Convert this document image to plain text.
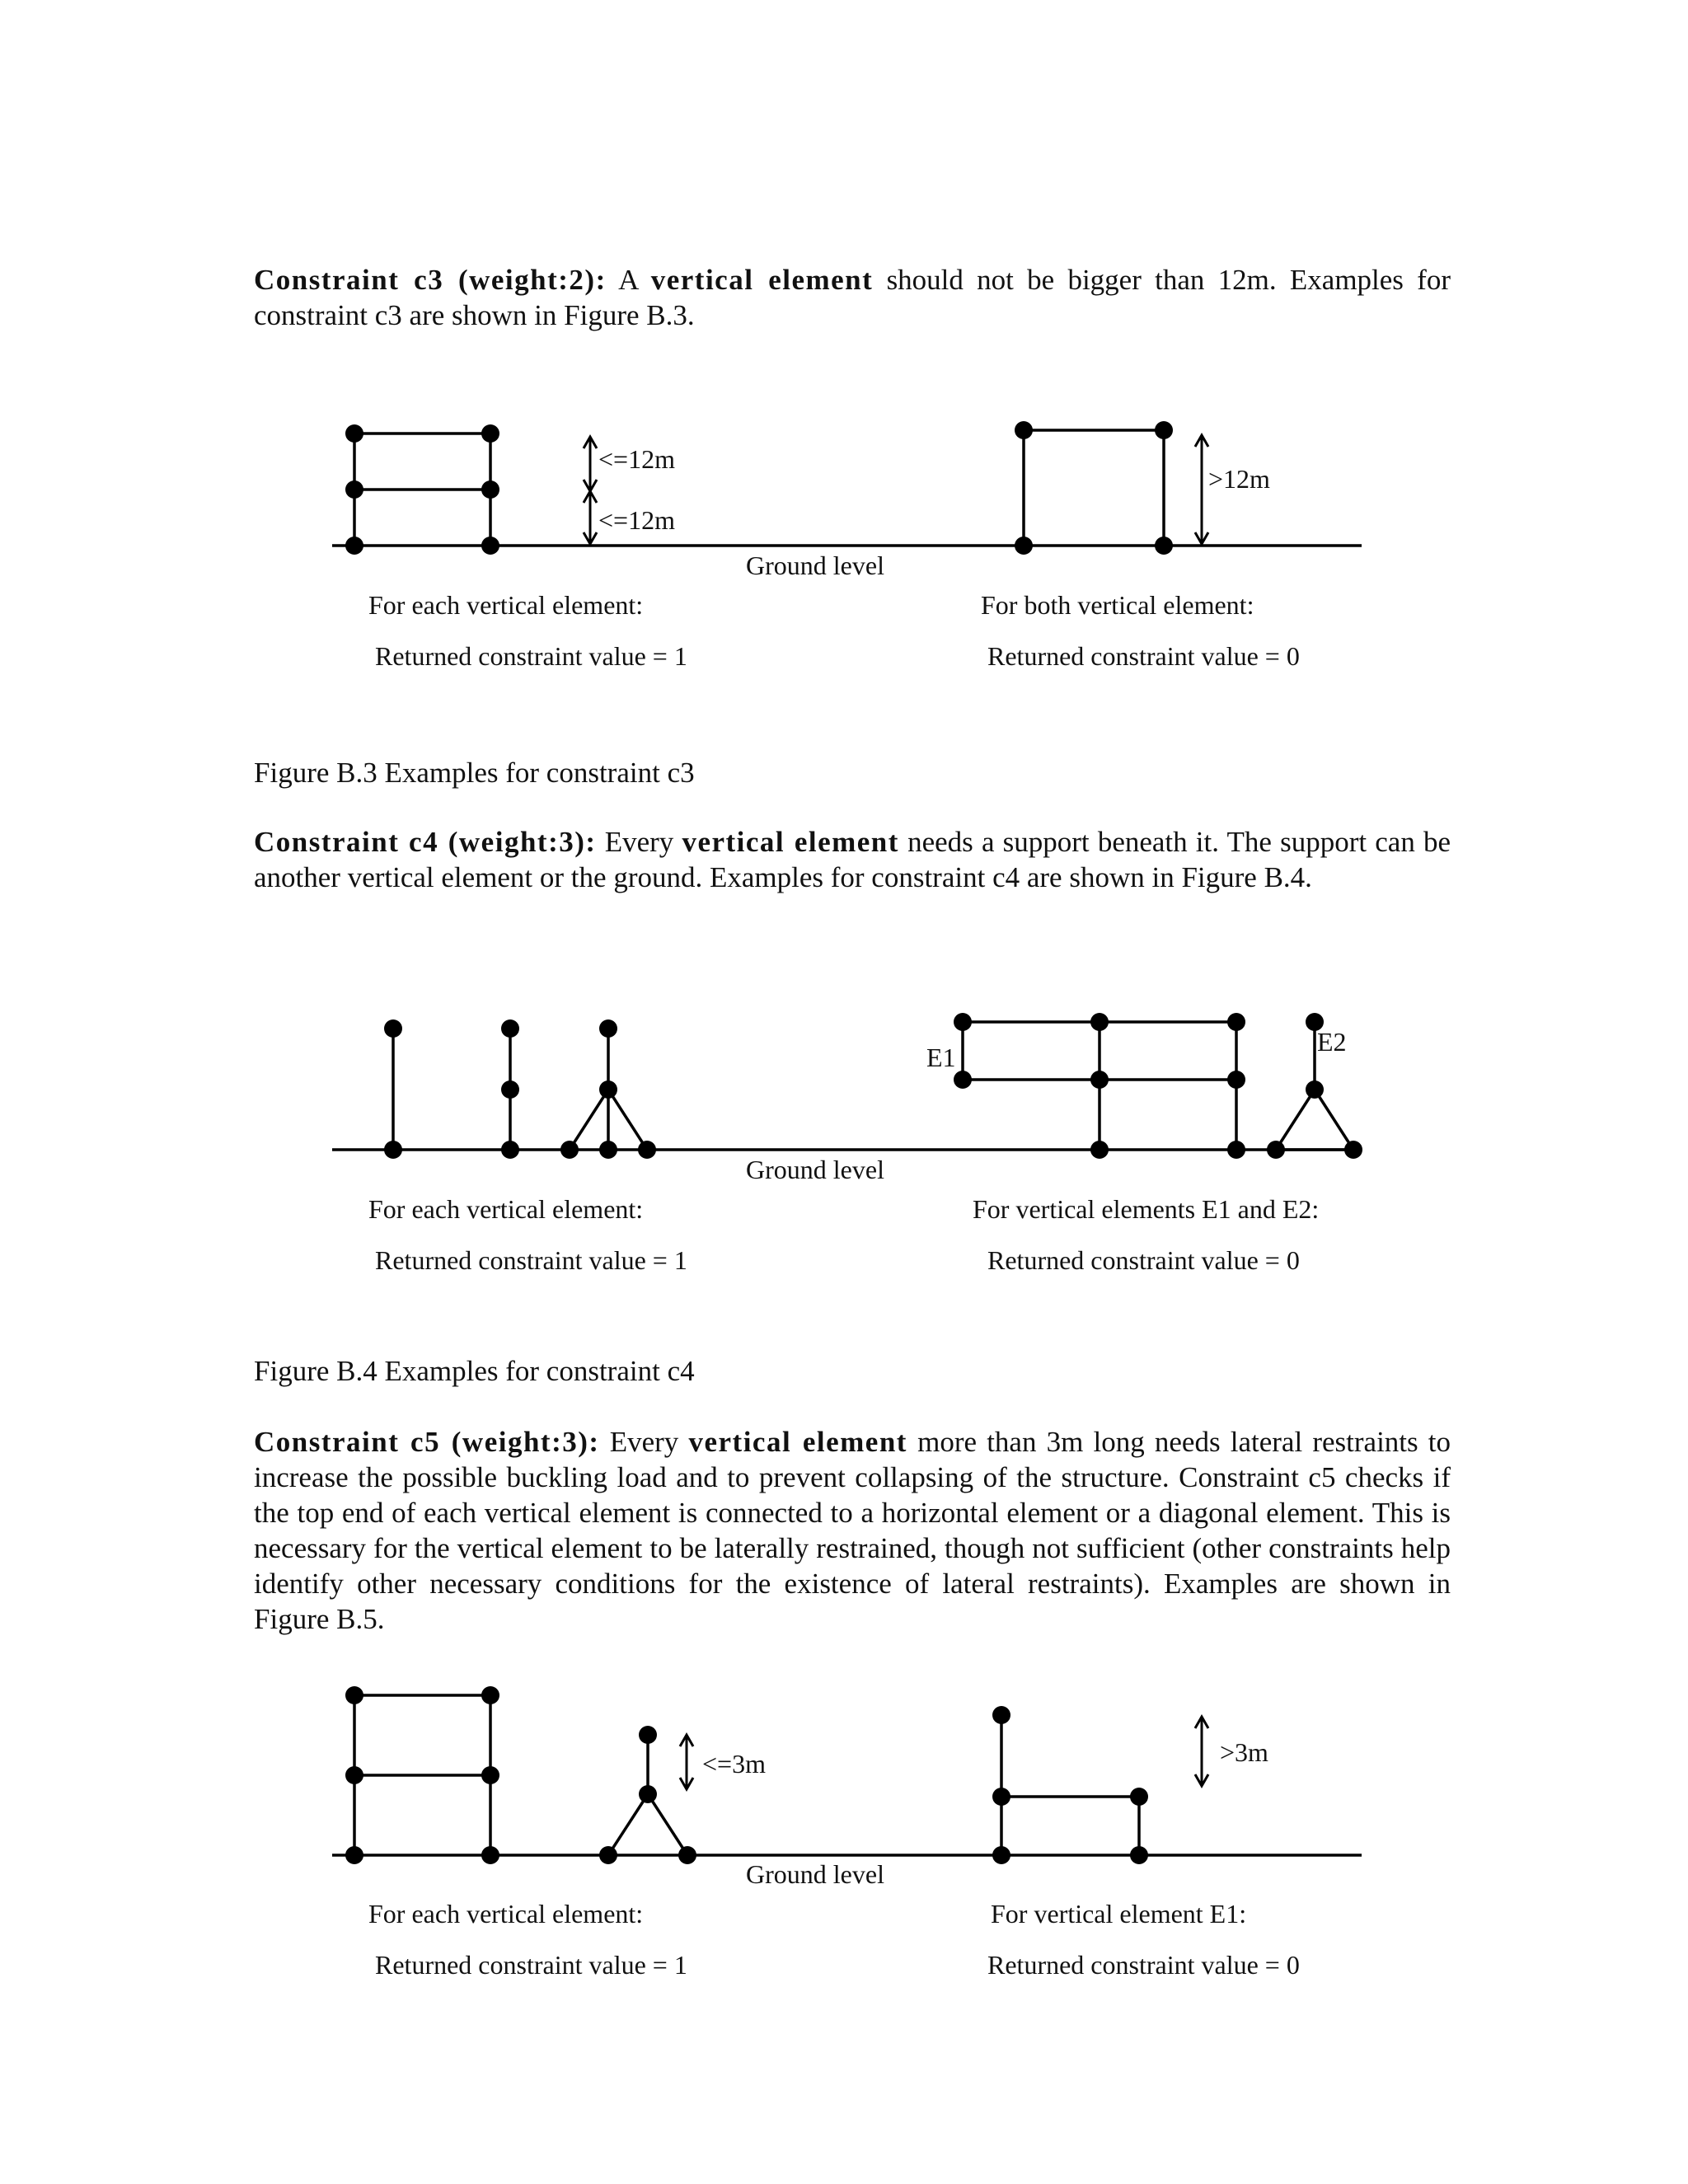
Constraint c3 (weight:2): A vertical element should not be bigger than 12m. Examples for constraint c3 are shown in Figure B.3.
<=12m
<=12m
>12m
Ground level
For each vertical element:
Returned constraint value = 1
For both vertical element:
Returned constraint value = 0
Figure B.3 Examples for constraint c3
Constraint c4 (weight:3): Every vertical element needs a support beneath it. The support can be another vertical element or the ground. Examples for constraint c4 are shown in Figure B.4.
E1
E2
Ground level
For each vertical element:
Returned constraint value = 1
For vertical elements E1 and E2:
Returned constraint value = 0
Figure B.4 Examples for constraint c4
Constraint c5 (weight:3): Every vertical element more than 3m long needs lateral restraints to increase the possible buckling load and to prevent collapsing of the structure. Constraint c5 checks if the top end of each vertical element is connected to a horizontal element or a diagonal element. This is necessary for the vertical element to be laterally restrained, though not sufficient (other constraints help identify other necessary conditions for the existence of lateral restraints). Examples are shown in Figure B.5.
<=3m	>3m
Ground level
For each vertical element:
Returned constraint value = 1
For vertical element E1:
Returned constraint value = 0
